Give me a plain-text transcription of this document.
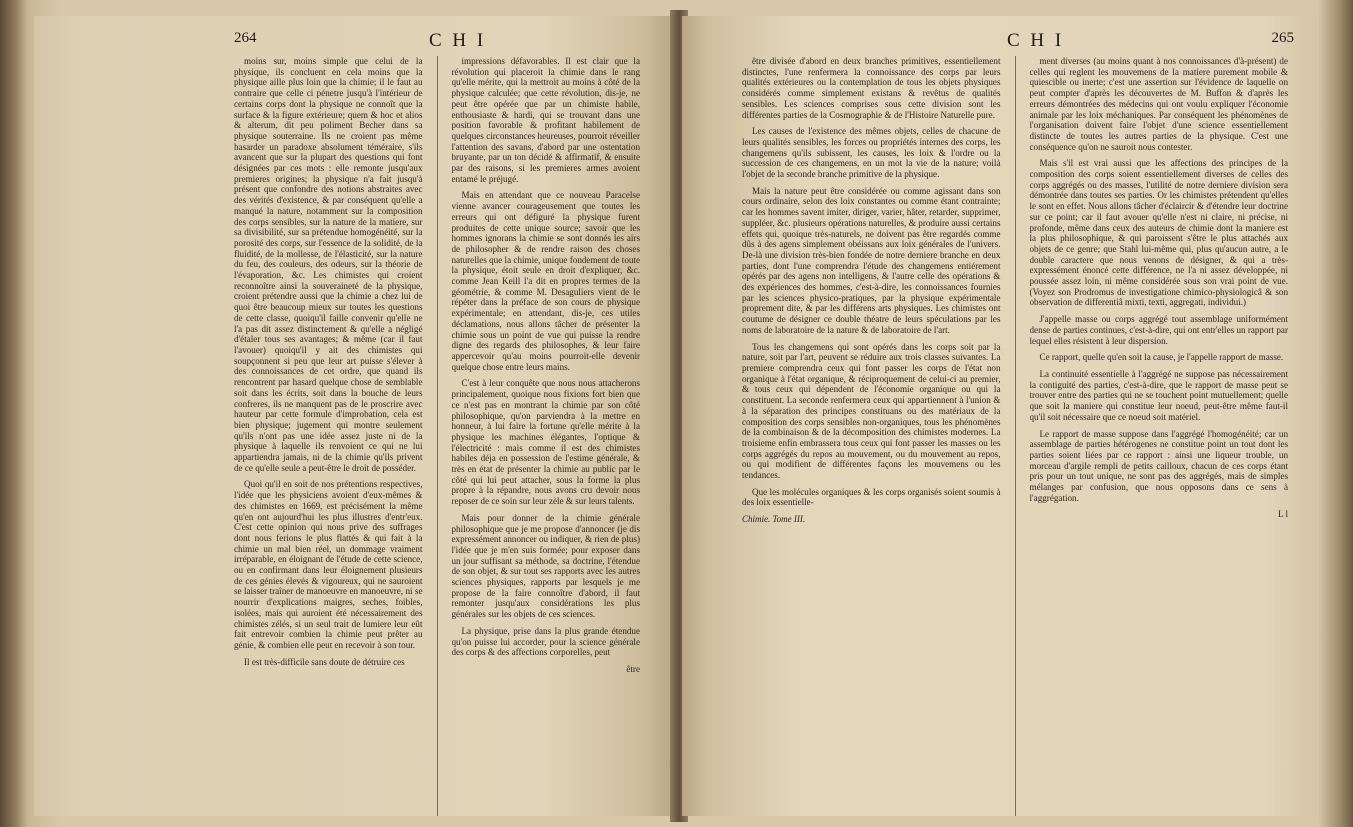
264	C H I

moins sur, moins simple que celui de la physique, ils concluent en cela moins que la physique aille plus loin que la chimie; il le faut au contraire que celle ci pénetre jusqu'à l'intérieur de certains corps dont la physique ne connoît que la surface & la figure extérieure; quem & hoc et alios & alterum, dit peu poliment Becher dans sa physique souterraine. Ils ne croient pas même hasarder un paradoxe absolument téméraire, s'ils avancent que sur la plupart des questions qui font désignées par ces mots : elle remonte jusqu'aux premieres origines; la physique n'a fait jusqu'à présent que confondre des notions abstraites avec des vérités d'existence, & par conséquent qu'elle a manqué la nature, notamment sur la composition des corps sensibles, sur la nature de la matiere, sur sa divisibilité, sur sa prétendue homogénéité, sur la porosité des corps, sur l'essence de la solidité, de la fluidité, de la mollesse, de l'élasticité, sur la nature du feu, des couleurs, des odeurs, sur la théorie de l'évaporation, &c. Les chimistes qui croient reconnoître ainsi la souveraineté de la physique, croient prétendre aussi que la chimie a chez lui de quoi être beaucoup mieux sur toutes les questions de cette classe, quoiqu'il faille convenir qu'elle ne l'a pas dit assez distinctement & qu'elle a négligé d'étaler tous ses avantages; & même (car il faut l'avouer) quoiqu'il y ait des chimistes qui soupçonnent si peu que leur art puisse s'élever à des connoissances de cet ordre, que quand ils rencontrent par hasard quelque chose de semblable soit dans les écrits, soit dans la bouche de leurs confreres, ils ne manquent pas de le proscrire avec hauteur par cette formule d'improbation, cela est bien physique; jugement qui montre seulement qu'ils n'ont pas une idée assez juste ni de la physique à laquelle ils renvoient ce qui ne lui appartiendra jamais, ni de la chimie qu'ils privent de ce qu'elle seule a peut-être le droit de posséder.

Quoi qu'il en soit de nos prétentions respectives, l'idée que les physiciens avoient d'eux-mêmes & des chimistes en 1669, est précisément la même qu'en ont aujourd'hui les plus illustres d'entr'eux. C'est cette opinion qui nous prive des suffrages dont nous ferions le plus flattés & qui fait à la chimie un mal bien réel, un dommage vraiment irréparable, en éloignant de l'étude de cette science, ou en confirmant dans leur éloignement plusieurs de ces génies élevés & vigoureux, qui ne sauroient se laisser traîner de manoeuvre en manoeuvre, ni se nourrir d'explications maigres, seches, foibles, isolées, mais qui auroient été nécessairement des chimistes zélés, si un seul trait de lumiere leur eût fait entrevoir combien la chimie peut prêter au génie, & combien elle peut en recevoir à son tour.

Il est très-difficile sans doute de détruire ces

impressions défavorables. Il est clair que la révolution qui placeroit la chimie dans le rang qu'elle mérite, qui la mettroit au moins à côté de la physique calculée; que cette révolution, dis-je, ne peut être opérée que par un chimiste habile, enthousiaste & hardi, qui se trouvant dans une position favorable & profitant habilement de quelques circonstances heureuses, pourroit réveiller l'attention des savans, d'abord par une ostentation bruyante, par un ton décidé & affirmatif, & ensuite par des raisons, si les premieres armes avoient entamé le préjugé.

Mais en attendant que ce nouveau Paracelse vienne avancer courageusement que toutes les erreurs qui ont défiguré la physique furent produites de cette unique source; savoir que les hommes ignorans la chimie se sont donnés les airs de philosopher & de rendre raison des choses naturelles que la chimie, unique fondement de toute la physique, étoit seule en droit d'expliquer, &c. comme Jean Keill l'a dit en propres termes de la géométrie, & comme M. Desaguliers vient de le répéter dans la préface de son cours de physique expérimentale; en attendant, dis-je, ces utiles déclamations, nous allons tâcher de présenter la chimie sous un point de vue qui puisse la rendre digne des regards des philosophes, & leur faire appercevoir qu'au moins pourroit-elle devenir quelque chose entre leurs mains.

C'est à leur conquête que nous nous attacherons principalement, quoique nous fixions fort bien que ce n'est pas en montrant la chimie par son côté philosophique, qu'on parviendra à la mettre en honneur, à lui faire la fortune qu'elle mérite à la physique les machines élégantes, l'optique & l'électricité : mais comme il est des chimistes habiles déja en possession de l'estime générale, & très en état de présenter la chimie au public par le côté qui lui peut attacher, sous la forme la plus propre à la répandre, nous avons cru devoir nous reposer de ce soin sur leur zèle & sur leurs talents.

Mais pour donner de la chimie générale philosophique que je me propose d'annoncer (je dis expressément annoncer ou indiquer, & rien de plus) l'idée que je m'en suis formée; pour exposer dans un jour suffisant sa méthode, sa doctrine, l'étendue de son objet, & sur tout ses rapports avec les autres sciences physiques, rapports par lesquels je me propose de la faire connoître d'abord, il faut remonter jusqu'aux considérations les plus générales sur les objets de ces sciences.

La physique, prise dans la plus grande étendue qu'on puisse lui accorder, pour la science générale des corps & des affections corporelles, peut

être
C H I	265

être divisée d'abord en deux branches primitives, essentiellement distinctes, l'une renfermera la connoissance des corps par leurs qualités extérieures ou la contemplation de tous les objets physiques considérés comme simplement existans & revêtus de qualités sensibles. Les sciences comprises sous cette division sont les différentes parties de la Cosmographie & de l'Histoire Naturelle pure.

Les causes de l'existence des mêmes objets, celles de chacune de leurs qualités sensibles, les forces ou propriétés internes des corps, les changemens qu'ils subissent, les causes, les loix & l'ordre ou la succession de ces changemens, en un mot la vie de la nature; voilà l'objet de la seconde branche primitive de la physique.

Mais la nature peut être considérée ou comme agissant dans son cours ordinaire, selon des loix constantes ou comme étant contrainte; car les hommes savent imiter, diriger, varier, hâter, retarder, supprimer, suppléer, &c. plusieurs opérations naturelles, & produire aussi certains effets qui, quoique très-naturels, ne doivent pas être regardés comme dûs à des agens simplement obéissans aux loix générales de l'univers. De-là une division très-bien fondée de notre derniere branche en deux parties, dont l'une comprendra l'étude des changemens entiérement opérés par des agens non intelligens, & l'autre celle des opérations & des expériences des hommes, c'est-à-dire, les connoissances fournies par les sciences physico-pratiques, par la physique expérimentale proprement dite, & par les différens arts physiques. Les chimistes ont coutume de désigner ce double théatre de leurs spéculations par les noms de laboratoire de la nature & de laboratoire de l'art.

Tous les changemens qui sont opérés dans les corps soit par la nature, soit par l'art, peuvent se réduire aux trois classes suivantes. La premiere comprendra ceux qui font passer les corps de l'état non organique à l'état organique, & réciproquement de celui-ci au premier, & tous ceux qui dépendent de l'économie organique ou qui la constituent. La seconde renfermera ceux qui appartiennent à l'union & à la séparation des principes constituans ou des matériaux de la composition des corps sensibles non-organiques, tous les phénomènes de la combinaison & de la décomposition des chimistes modernes. La troisieme enfin embrassera tous ceux qui font passer les masses ou les corps aggrégés du repos au mouvement, ou du mouvement au repos, ou qui modifient de différentes façons les mouvemens ou les tendances.

Que les molécules organiques & les corps organisés soient soumis à des loix essentielle-

Chimie. Tome III.

ment diverses (au moins quant à nos connoissances d'à-présent) de celles qui reglent les mouvemens de la matiere purement mobile & quiescible ou inerte; c'est une assertion sur l'évidence de laquelle on peut compter d'après les découvertes de M. Buffon & d'après les erreurs démontrées des médecins qui ont voulu expliquer l'économie animale par les loix méchaniques. Par conséquent les phénomènes de l'organisation doivent faire l'objet d'une science essentiellement distincte de toutes les autres parties de la physique. C'est une conséquence qu'on ne sauroit nous contester.

Mais s'il est vrai aussi que les affections des principes de la composition des corps soient essentiellement diverses de celles des corps aggrégés ou des masses, l'utilité de notre derniere division sera démontrée dans toutes ses parties. Or les chimistes prétendent qu'elles le sont en effet. Nous allons tâcher d'éclaircir & d'étendre leur doctrine sur ce point; car il faut avouer qu'elle n'est ni claire, ni précise, ni profonde, même dans ceux des auteurs de chimie dont la maniere est la plus philosophique, & qui paroissent s'être le plus attachés aux objets de ce genre; que Stahl lui-même qui, plus qu'aucun autre, a le double caractere que nous venons de désigner, & qui a très-expressément énoncé cette différence, ne l'a ni assez développée, ni poussée assez loin, ni même considérée sous son vrai point de vue. (Voyez son Prodromus de investigatione chimico-physiologicâ & son observation de differentiâ mixti, texti, aggregati, individui.)

J'appelle masse ou corps aggrégé tout assemblage uniformément dense de parties continues, c'est-à-dire, qui ont entr'elles un rapport par lequel elles résistent à leur dispersion.

Ce rapport, quelle qu'en soit la cause, je l'appelle rapport de masse.

La continuité essentielle à l'aggrégé ne suppose pas nécessairement la contiguité des parties, c'est-à-dire, que le rapport de masse peut se trouver entre des parties qui ne se touchent point mutuellement; quelle que soit la maniere qui constitue leur noeud, peut-être même faut-il qu'il soit nécessaire que ce noeud soit matériel.

Le rapport de masse suppose dans l'aggrégé l'homogénéité; car un assemblage de parties hétérogenes ne constitue point un tout dont les parties soient liées par ce rapport : ainsi une liqueur trouble, un morceau d'argile rempli de petits cailloux, chacun de ces corps étant pris pour un tout unique, ne sont pas des aggrégés, mais de simples mélanges par confusion, que nous opposons dans ce sens à l'aggrégation.

L l
